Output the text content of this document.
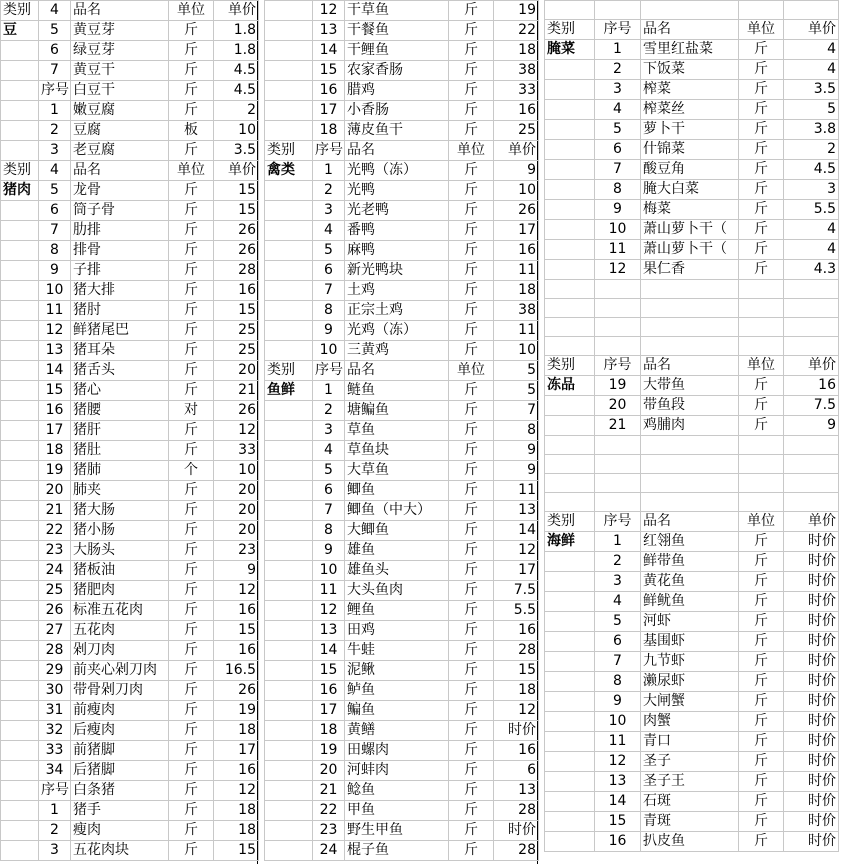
类别	4	品名	单位	单价
豆	5	黄豆芽	斤	1.8
	6	绿豆芽	斤	1.8
	7	黄豆干	斤	4.5
	序号	白豆干	斤	4.5
	1	嫩豆腐	斤	2
	2	豆腐	板	10
	3	老豆腐	斤	3.5
类别	4	品名	单位	单价
猪肉	5	龙骨	斤	15
	6	筒子骨	斤	15
	7	肋排	斤	26
	8	排骨	斤	26
	9	子排	斤	28
	10	猪大排	斤	16
	11	猪肘	斤	15
	12	鲜猪尾巴	斤	25
	13	猪耳朵	斤	25
	14	猪舌头	斤	20
	15	猪心	斤	21
	16	猪腰	对	26
	17	猪肝	斤	12
	18	猪肚	斤	33
	19	猪肺	个	10
	20	肺夹	斤	20
	21	猪大肠	斤	20
	22	猪小肠	斤	20
	23	大肠头	斤	23
	24	猪板油	斤	9
	25	猪肥肉	斤	12
	26	标准五花肉	斤	16
	27	五花肉	斤	15
	28	剁刀肉	斤	16
	29	前夹心剁刀肉	斤	16.5
	30	带骨剁刀肉	斤	26
	31	前瘦肉	斤	19
	32	后瘦肉	斤	18
	33	前猪脚	斤	17
	34	后猪脚	斤	16
	序号	白条猪	斤	12
	1	猪手	斤	18
	2	瘦肉	斤	18
	3	五花肉块	斤	15
	12	干草鱼	斤	19
	13	干餐鱼	斤	22
	14	干鲤鱼	斤	18
	15	农家香肠	斤	38
	16	腊鸡	斤	33
	17	小香肠	斤	16
	18	薄皮鱼干	斤	25
类别	序号	品名	单位	单价
禽类	1	光鸭（冻）	斤	9
	2	光鸭	斤	10
	3	光老鸭	斤	26
	4	番鸭	斤	17
	5	麻鸭	斤	16
	6	新光鸭块	斤	11
	7	土鸡	斤	18
	8	正宗土鸡	斤	38
	9	光鸡（冻）	斤	11
	10	三黄鸡	斤	10
类别	序号	品名	单位	5
鱼鲜	1	鲢鱼	斤	5
	2	塘鳊鱼	斤	7
	3	草鱼	斤	8
	4	草鱼块	斤	9
	5	大草鱼	斤	9
	6	鲫鱼	斤	11
	7	鲫鱼（中大）	斤	13
	8	大鲫鱼	斤	14
	9	雄鱼	斤	12
	10	雄鱼头	斤	17
	11	大头鱼肉	斤	7.5
	12	鲤鱼	斤	5.5
	13	田鸡	斤	16
	14	牛蛙	斤	28
	15	泥鳅	斤	15
	16	鲈鱼	斤	18
	17	鳊鱼	斤	12
	18	黄鳝	斤	时价
	19	田螺肉	斤	16
	20	河蚌肉	斤	6
	21	鲶鱼	斤	13
	22	甲鱼	斤	28
	23	野生甲鱼	斤	时价
	24	棍子鱼	斤	28

类别	序号	品名	单位	单价
腌菜	1	雪里红盐菜	斤	4
	2	下饭菜	斤	4
	3	榨菜	斤	3.5
	4	榨菜丝	斤	5
	5	萝卜干	斤	3.8
	6	什锦菜	斤	2
	7	酸豆角	斤	4.5
	8	腌大白菜	斤	3
	9	梅菜	斤	5.5
	10	萧山萝卜干（	斤	4
	11	萧山萝卜干（	斤	4
	12	果仁香	斤	4.3

类别	序号	品名	单位	单价
冻品	19	大带鱼	斤	16
	20	带鱼段	斤	7.5
	21	鸡脯肉	斤	9

类别	序号	品名	单位	单价
海鲜	1	红翎鱼	斤	时价
	2	鲜带鱼	斤	时价
	3	黄花鱼	斤	时价
	4	鲜鱿鱼	斤	时价
	5	河虾	斤	时价
	6	基围虾	斤	时价
	7	九节虾	斤	时价
	8	濑尿虾	斤	时价
	9	大闸蟹	斤	时价
	10	肉蟹	斤	时价
	11	青口	斤	时价
	12	圣子	斤	时价
	13	圣子王	斤	时价
	14	石斑	斤	时价
	15	青斑	斤	时价
	16	扒皮鱼	斤	时价
